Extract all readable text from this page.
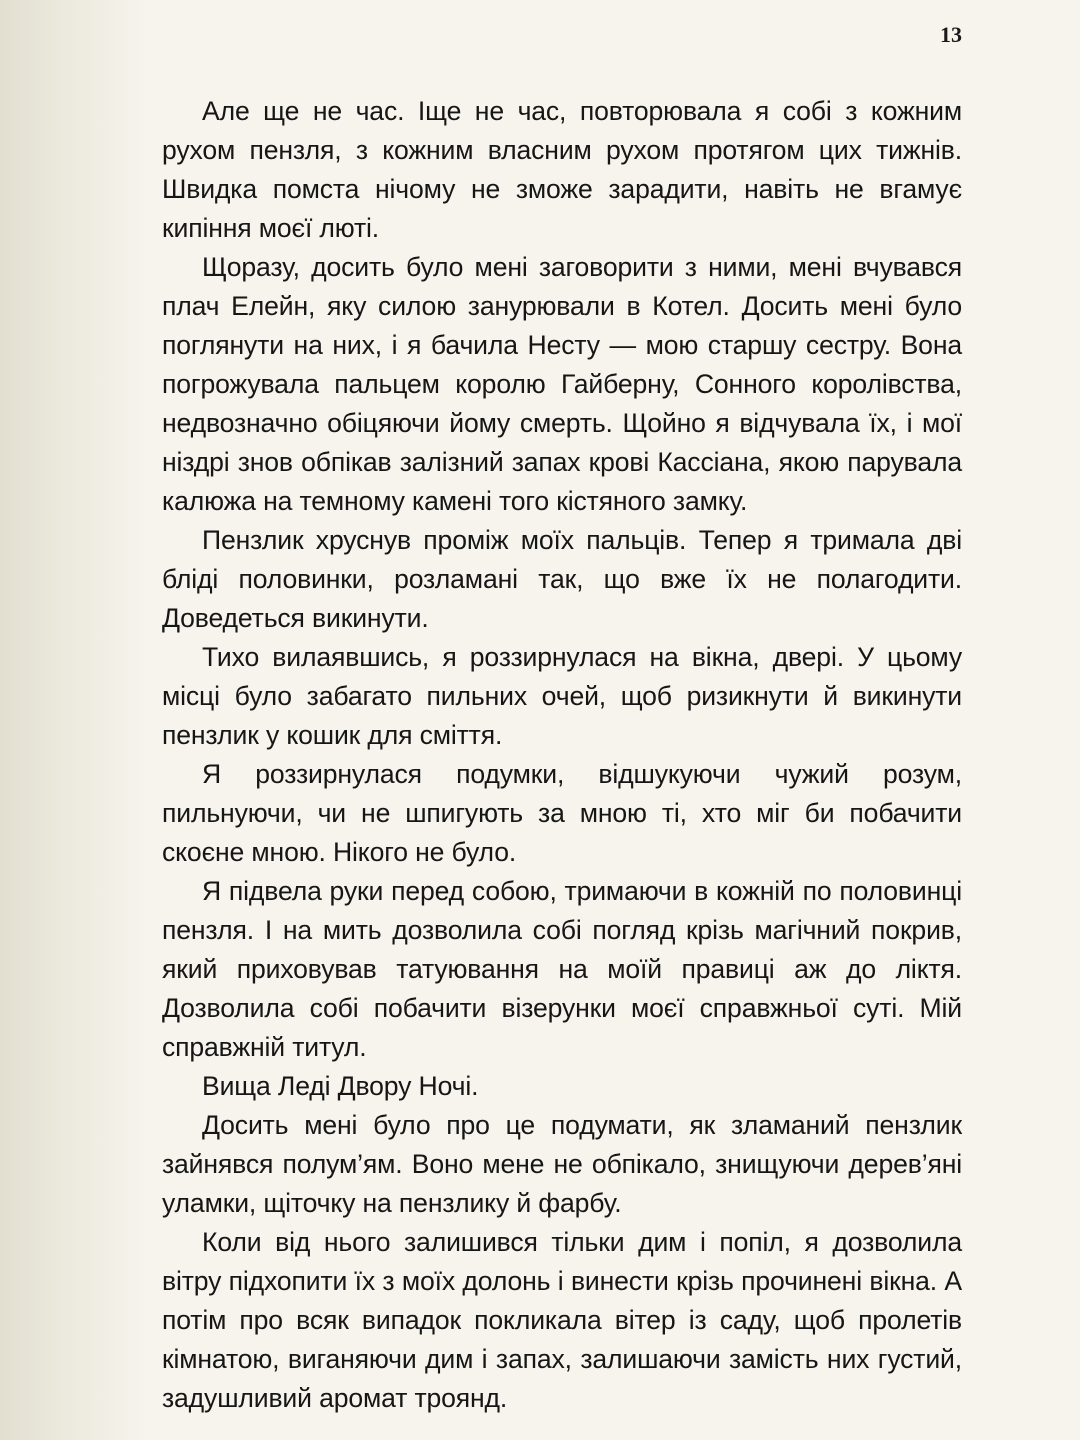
13

Але ще не час. Іще не час, повторювала я собі з кожним рухом пензля, з кожним власним рухом протягом цих тижнів. Швидка помста нічому не зможе зарадити, навіть не вгамує кипіння моєї люті.

Щоразу, досить було мені заговорити з ними, мені вчувався плач Елейн, яку силою занурювали в Котел. Досить мені було поглянути на них, і я бачила Несту — мою старшу сестру. Вона погрожувала пальцем королю Гайберну, Сонного королівства, недвозначно обіцяючи йому смерть. Щойно я відчувала їх, і мої ніздрі знов обпікав залізний запах крові Кассіана, якою парувала калюжа на темному камені того кістяного замку.

Пензлик хруснув проміж моїх пальців. Тепер я тримала дві бліді половинки, розламані так, що вже їх не полагодити. Доведеться викинути.

Тихо вилаявшись, я роззирнулася на вікна, двері. У цьому місці було забагато пильних очей, щоб ризикнути й викинути пензлик у кошик для сміття.

Я роззирнулася подумки, відшукуючи чужий розум, пильнуючи, чи не шпигують за мною ті, хто міг би побачити скоєне мною. Нікого не було.

Я підвела руки перед собою, тримаючи в кожній по половинці пензля. І на мить дозволила собі погляд крізь магічний покрив, який приховував татуювання на моїй правиці аж до ліктя. Дозволила собі побачити візерунки моєї справжньої суті. Мій справжній титул.

Вища Леді Двору Ночі.

Досить мені було про це подумати, як зламаний пензлик зайнявся полум’ям. Воно мене не обпікало, знищуючи дерев’яні уламки, щіточку на пензлику й фарбу.

Коли від нього залишився тільки дим і попіл, я дозволила вітру підхопити їх з моїх долонь і винести крізь прочинені вікна. А потім про всяк випадок покликала вітер із саду, щоб пролетів кімнатою, виганяючи дим і запах, залишаючи замість них густий, задушливий аромат троянд.
